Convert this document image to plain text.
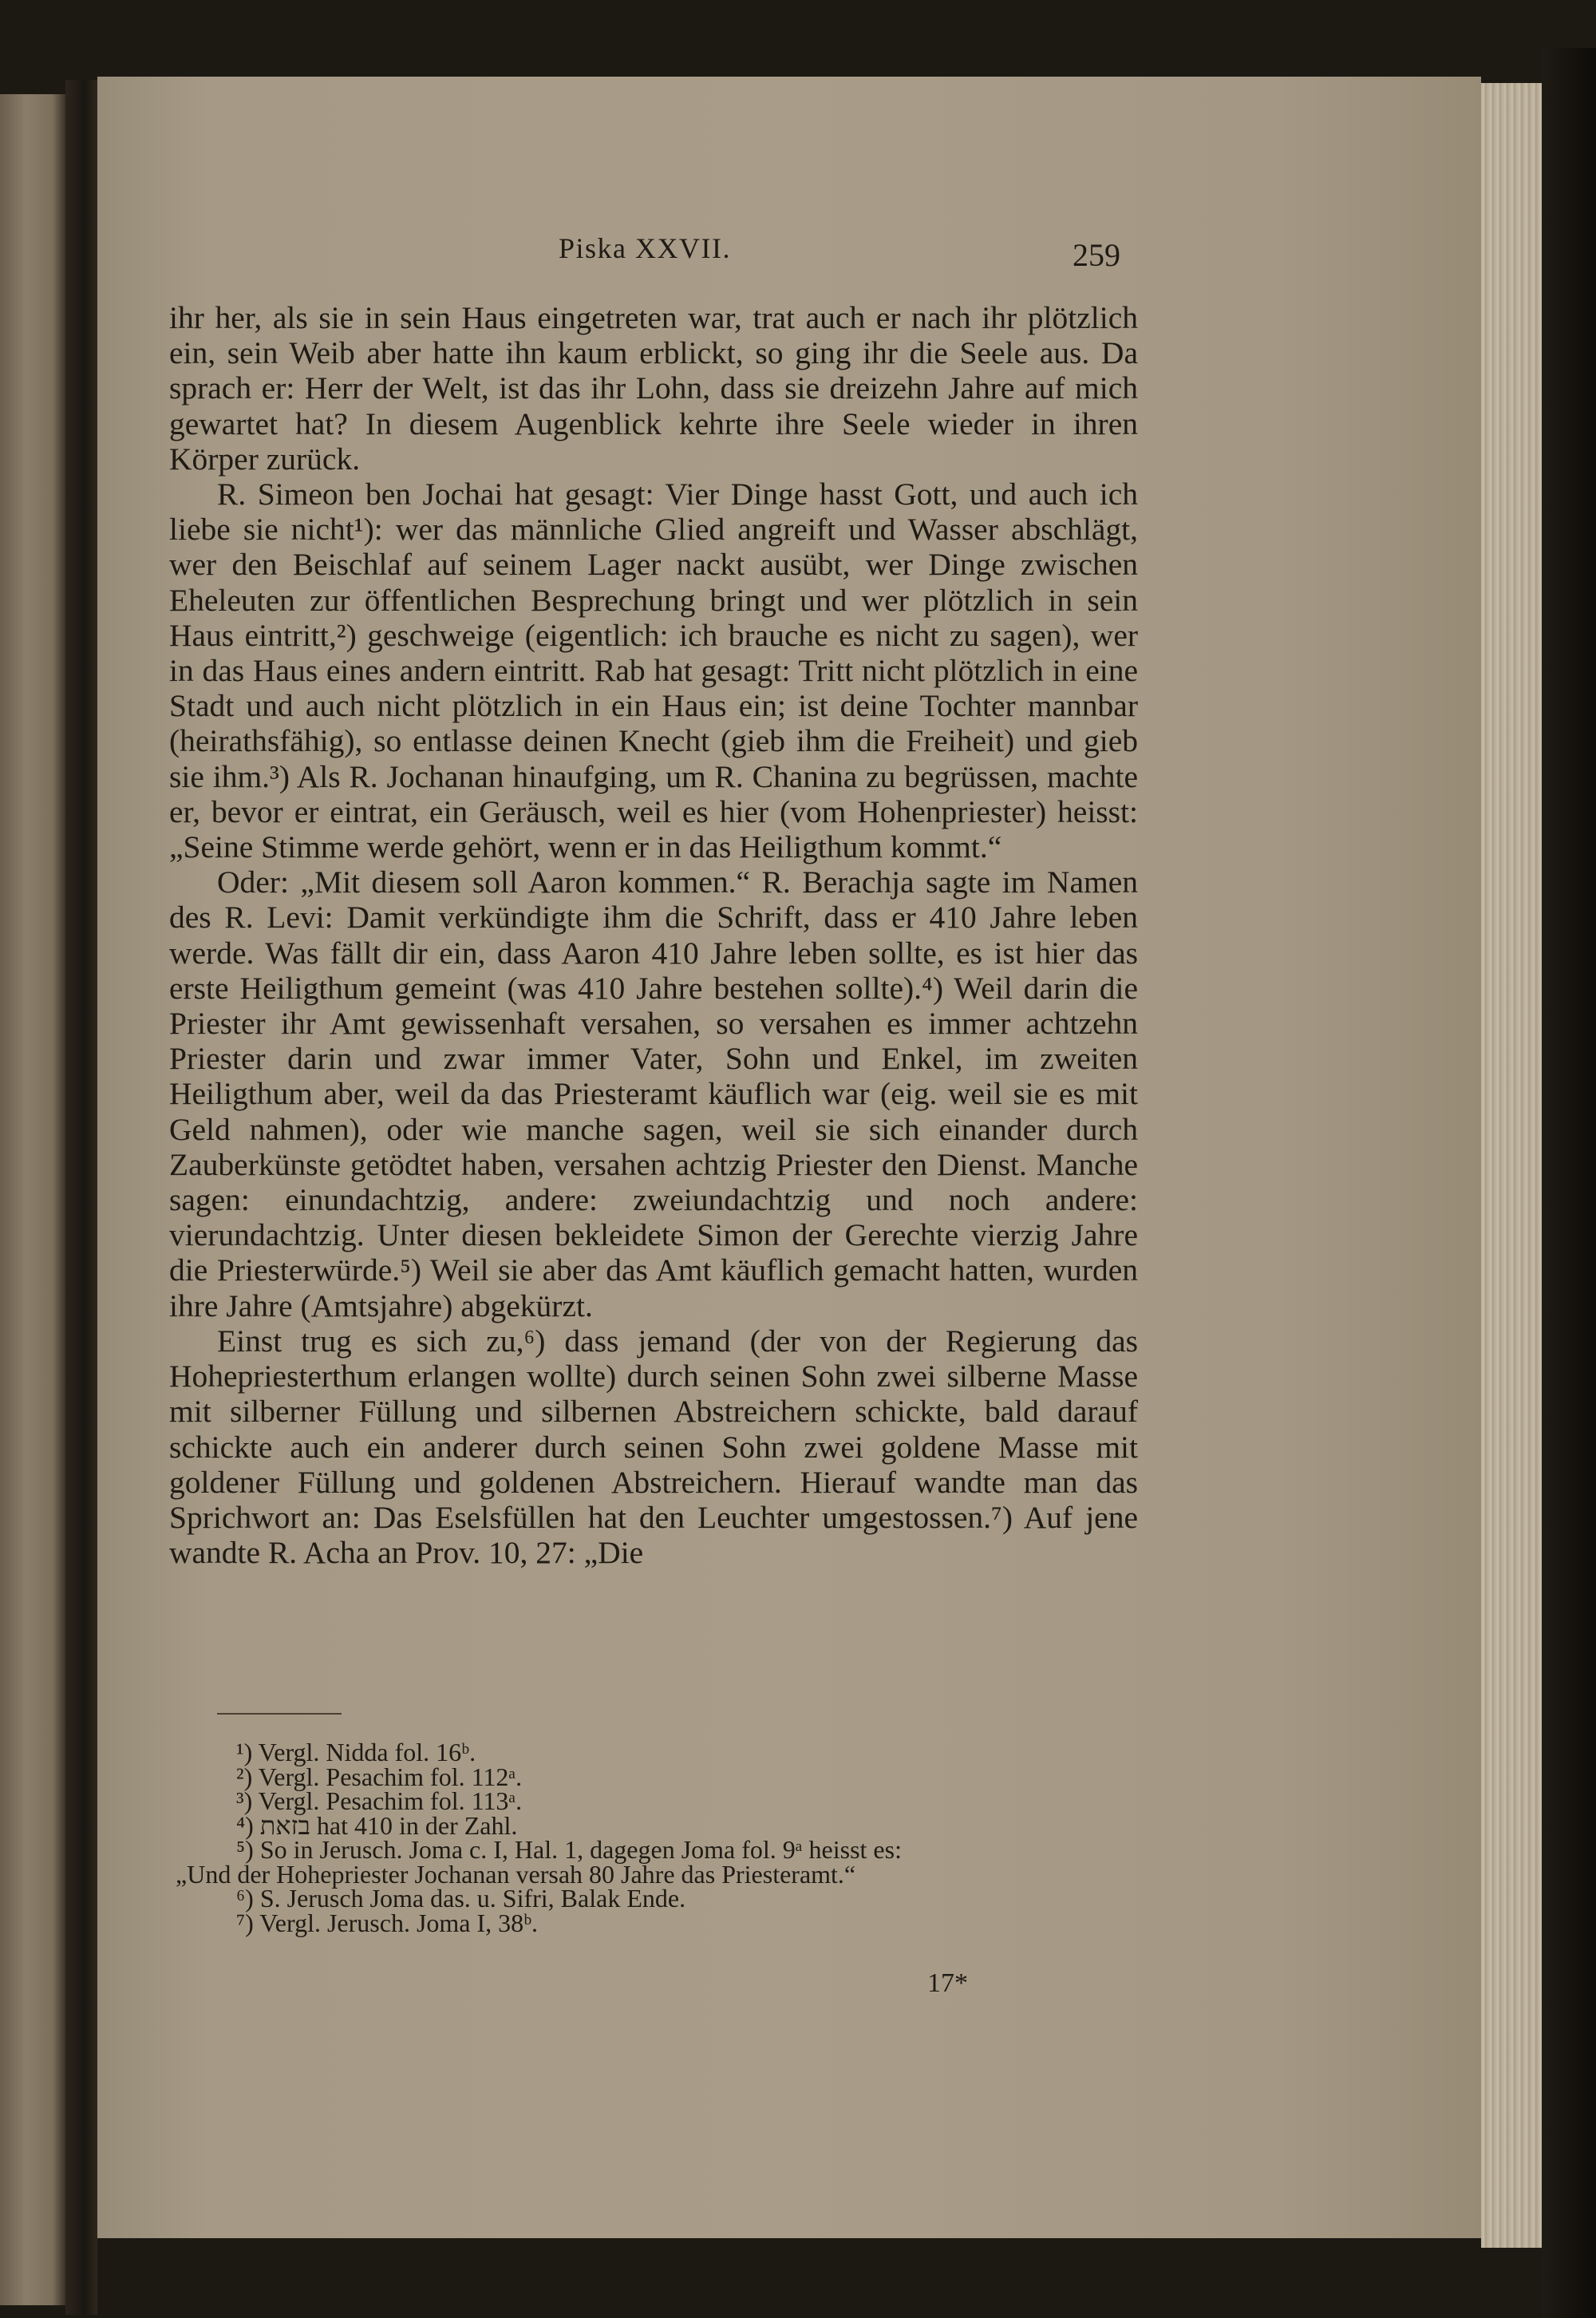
Piska XXVII.	259

ihr her, als sie in sein Haus eingetreten war, trat auch er nach ihr plötzlich ein, sein Weib aber hatte ihn kaum erblickt, so ging ihr die Seele aus. Da sprach er: Herr der Welt, ist das ihr Lohn, dass sie dreizehn Jahre auf mich gewartet hat? In diesem Augenblick kehrte ihre Seele wieder in ihren Körper zurück.

R. Simeon ben Jochai hat gesagt: Vier Dinge hasst Gott, und auch ich liebe sie nicht¹): wer das männliche Glied angreift und Wasser abschlägt, wer den Beischlaf auf seinem Lager nackt ausübt, wer Dinge zwischen Eheleuten zur öffentlichen Besprechung bringt und wer plötzlich in sein Haus eintritt,²) geschweige (eigentlich: ich brauche es nicht zu sagen), wer in das Haus eines andern eintritt. Rab hat gesagt: Tritt nicht plötzlich in eine Stadt und auch nicht plötzlich in ein Haus ein; ist deine Tochter mannbar (heirathsfähig), so entlasse deinen Knecht (gieb ihm die Freiheit) und gieb sie ihm.³) Als R. Jochanan hinaufging, um R. Chanina zu begrüssen, machte er, bevor er eintrat, ein Geräusch, weil es hier (vom Hohenpriester) heisst: „Seine Stimme werde gehört, wenn er in das Heiligthum kommt.“

Oder: „Mit diesem soll Aaron kommen.“ R. Berachja sagte im Namen des R. Levi: Damit verkündigte ihm die Schrift, dass er 410 Jahre leben werde. Was fällt dir ein, dass Aaron 410 Jahre leben sollte, es ist hier das erste Heiligthum gemeint (was 410 Jahre bestehen sollte).⁴) Weil darin die Priester ihr Amt gewissenhaft versahen, so versahen es immer achtzehn Priester darin und zwar immer Vater, Sohn und Enkel, im zweiten Heiligthum aber, weil da das Priesteramt käuflich war (eig. weil sie es mit Geld nahmen), oder wie manche sagen, weil sie sich einander durch Zauberkünste getödtet haben, versahen achtzig Priester den Dienst. Manche sagen: einundachtzig, andere: zweiundachtzig und noch andere: vierundachtzig. Unter diesen bekleidete Simon der Gerechte vierzig Jahre die Priesterwürde.⁵) Weil sie aber das Amt käuflich gemacht hatten, wurden ihre Jahre (Amtsjahre) abgekürzt.

Einst trug es sich zu,⁶) dass jemand (der von der Regierung das Hohepriesterthum erlangen wollte) durch seinen Sohn zwei silberne Masse mit silberner Füllung und silbernen Abstreichern schickte, bald darauf schickte auch ein anderer durch seinen Sohn zwei goldene Masse mit goldener Füllung und goldenen Abstreichern. Hierauf wandte man das Sprichwort an: Das Eselsfüllen hat den Leuchter umgestossen.⁷) Auf jene wandte R. Acha an Prov. 10, 27: „Die

¹) Vergl. Nidda fol. 16ᵇ.

²) Vergl. Pesachim fol. 112ᵃ.

³) Vergl. Pesachim fol. 113ᵃ.

⁴) בזאת hat 410 in der Zahl.

⁵) So in Jerusch. Joma c. I, Hal. 1, dagegen Joma fol. 9ᵃ heisst es:

„Und der Hohepriester Jochanan versah 80 Jahre das Priesteramt.“

⁶) S. Jerusch Joma das. u. Sifri, Balak Ende.

⁷) Vergl. Jerusch. Joma I, 38ᵇ.

17*
